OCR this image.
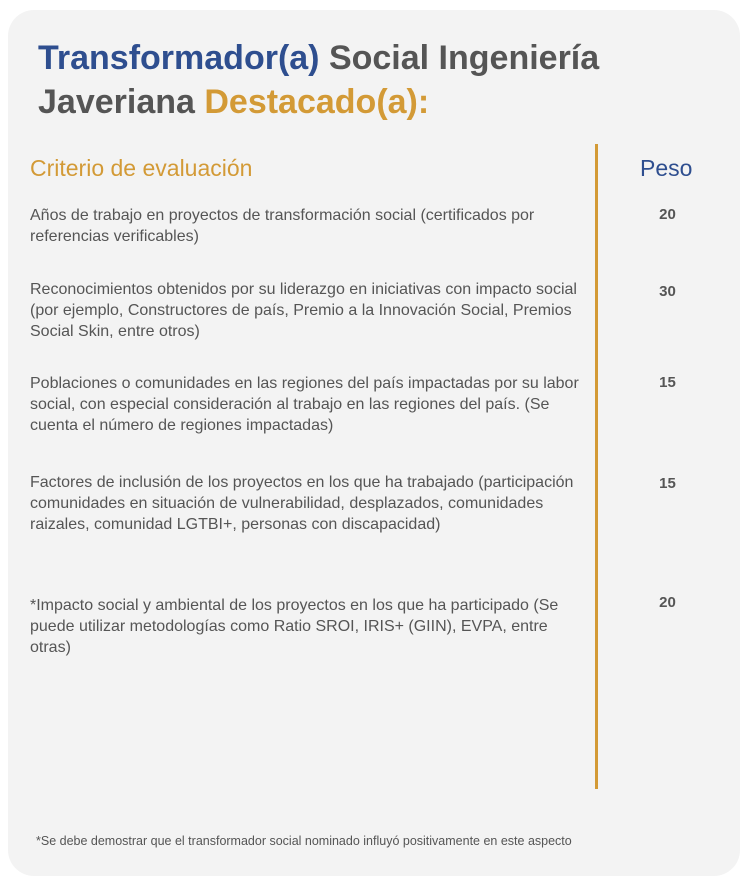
Transformador(a) Social Ingeniería Javeriana Destacado(a):

Criterio de evaluación	Peso

Años de trabajo en proyectos de transformación social (certificados por referencias verificables)

20

Reconocimientos obtenidos por su liderazgo en iniciativas con impacto social (por ejemplo, Constructores de país, Premio a la Innovación Social, Premios Social Skin, entre otros)

30

Poblaciones o comunidades en las regiones del país impactadas por su labor social, con especial consideración al trabajo en las regiones del país. (Se cuenta el número de regiones impactadas)

15

Factores de inclusión de los proyectos en los que ha trabajado (participación comunidades en situación de vulnerabilidad, desplazados, comunidades raizales, comunidad LGTBI+, personas con discapacidad)

15

*Impacto social y ambiental de los proyectos en los que ha participado (Se puede utilizar metodologías como Ratio SROI, IRIS+ (GIIN), EVPA, entre otras)

20

*Se debe demostrar que el transformador social nominado influyó positivamente en este aspecto
